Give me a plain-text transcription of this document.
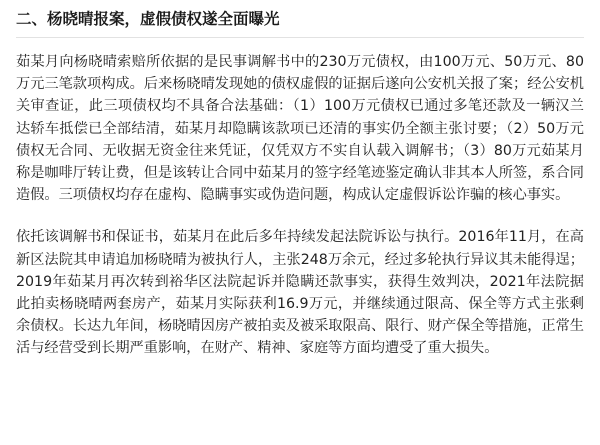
二、杨晓晴报案，虚假债权遂全面曝光

茹某月向杨晓晴索赔所依据的是民事调解书中的230万元债权，由100万元、50万元、80万元三笔款项构成。后来杨晓晴发现她的债权虚假的证据后遂向公安机关报了案；经公安机关审查证，此三项债权均不具备合法基础：（1）100万元债权已通过多笔还款及一辆汉兰达轿车抵偿已全部结清，茹某月却隐瞒该款项已还清的事实仍全额主张讨要；（2）50万元债权无合同、无收据无资金往来凭证，仅凭双方不实自认载入调解书；（3）80万元茹某月称是咖啡厅转让费，但是该转让合同中茹某月的签字经笔迹鉴定确认非其本人所签，系合同造假。三项债权均存在虚构、隐瞒事实或伪造问题，构成认定虚假诉讼诈骗的核心事实。

依托该调解书和保证书，茹某月在此后多年持续发起法院诉讼与执行。2016年11月，在高新区法院其申请追加杨晓晴为被执行人，主张248万余元，经过多轮执行异议其未能得逞；2019年茹某月再次转到裕华区法院起诉并隐瞒还款事实，获得生效判决，2021年法院据此拍卖杨晓晴两套房产，茹某月实际获利16.9万元，并继续通过限高、保全等方式主张剩余债权。长达九年间，杨晓晴因房产被拍卖及被采取限高、限行、财产保全等措施，正常生活与经营受到长期严重影响，在财产、精神、家庭等方面均遭受了重大损失。
